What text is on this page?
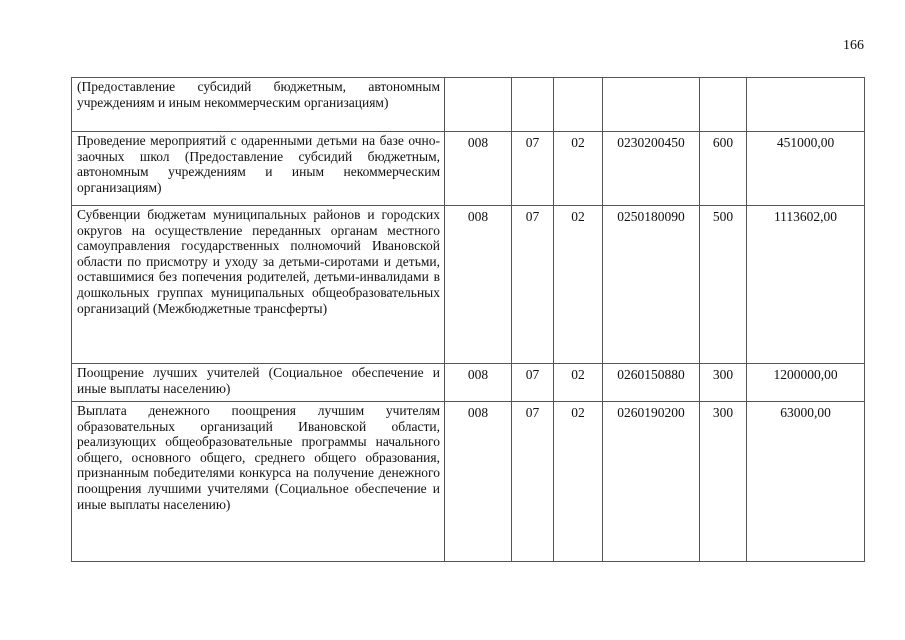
166
(Предоставление субсидий бюджетным, автономным учреждениям и иным некоммерческим организациям)						
Проведение мероприятий с одаренными детьми на базе очно-заочных школ (Предоставление субсидий бюджетным, автономным учреждениям и иным некоммерческим организациям)	008	07	02	0230200450	600	451000,00
Субвенции бюджетам муниципальных районов и городских округов на осуществление переданных органам местного самоуправления государственных полномочий Ивановской области по присмотру и уходу за детьми-сиротами и детьми, оставшимися без попечения родителей, детьми-инвалидами в дошкольных группах муниципальных общеобразовательных организаций (Межбюджетные трансферты)	008	07	02	0250180090	500	1113602,00
Поощрение лучших учителей (Социальное обеспечение и иные выплаты населению)	008	07	02	0260150880	300	1200000,00
Выплата денежного поощрения лучшим учителям образовательных организаций Ивановской области, реализующих общеобразовательные программы начального общего, основного общего, среднего общего образования, признанным победителями конкурса на получение денежного поощрения лучшими учителями (Социальное обеспечение и иные выплаты населению)	008	07	02	0260190200	300	63000,00
